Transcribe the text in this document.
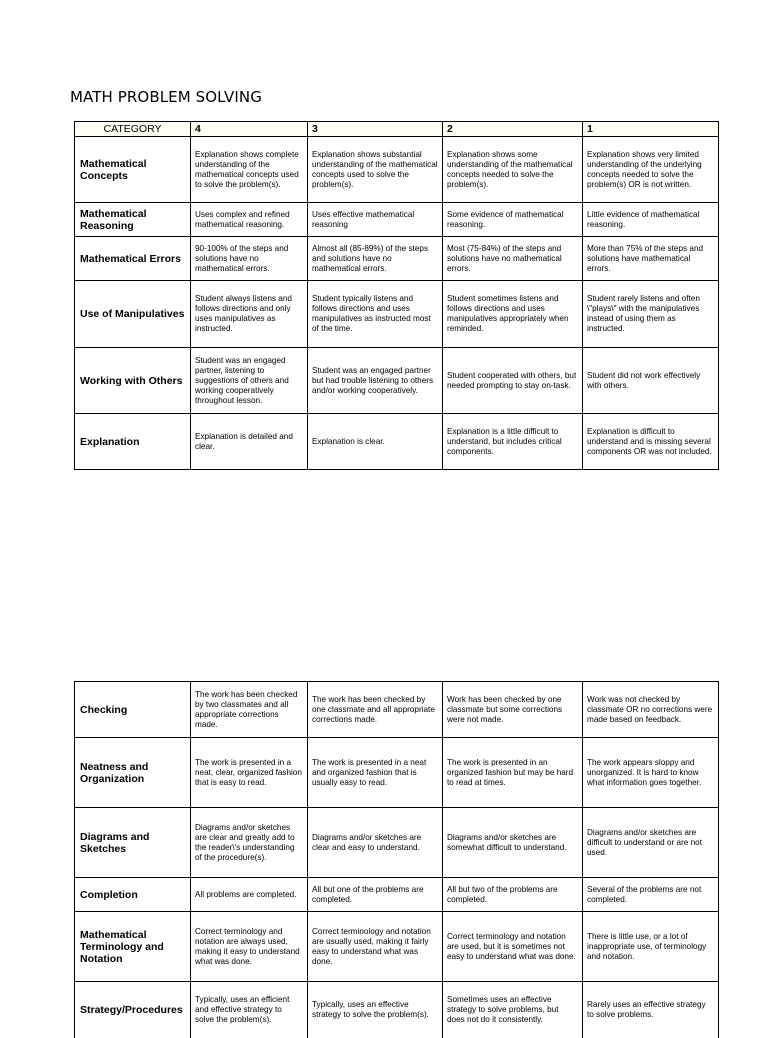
MATH PROBLEM SOLVING
CATEGORY	4	3	2	1
Mathematical Concepts	Explanation shows complete understanding of the mathematical concepts used to solve the problem(s).	Explanation shows substantial understanding of the mathematical concepts used to solve the problem(s).	Explanation shows some understanding of the mathematical concepts needed to solve the problem(s).	Explanation shows very limited understanding of the underlying concepts needed to solve the problem(s) OR is not written.
Mathematical Reasoning	Uses complex and refined mathematical reasoning.	Uses effective mathematical reasoning	Some evidence of mathematical reasoning.	Little evidence of mathematical reasoning.
Mathematical Errors	90-100% of the steps and solutions have no mathematical errors.	Almost all (85-89%) of the steps and solutions have no mathematical errors.	Most (75-84%) of the steps and solutions have no mathematical errors.	More than 75% of the steps and solutions have mathematical errors.
Use of Manipulatives	Student always listens and follows directions and only uses manipulatives as instructed.	Student typically listens and follows directions and uses manipulatives as instructed most of the time.	Student sometimes listens and follows directions and uses manipulatives appropriately when reminded.	Student rarely listens and often \"plays\" with the manipulatives instead of using them as instructed.
Working with Others	Student was an engaged partner, listening to suggestions of others and working cooperatively throughout lesson.	Student was an engaged partner but had trouble listening to others and/or working cooperatively.	Student cooperated with others, but needed prompting to stay on-task.	Student did not work effectively with others.
Explanation	Explanation is detailed and clear.	Explanation is clear.	Explanation is a little difficult to understand, but includes critical components.	Explanation is difficult to understand and is missing several components OR was not included.
Checking	The work has been checked by two classmates and all appropriate corrections made.	The work has been checked by one classmate and all appropriate corrections made.	Work has been checked by one classmate but some corrections were not made.	Work was not checked by classmate OR no corrections were made based on feedback.
Neatness and Organization	The work is presented in a neat, clear, organized fashion that is easy to read.	The work is presented in a neat and organized fashion that is usually easy to read.	The work is presented in an organized fashion but may be hard to read at times.	The work appears sloppy and unorganized. It is hard to know what information goes together.
Diagrams and Sketches	Diagrams and/or sketches are clear and greatly add to the reader\'s understanding of the procedure(s).	Diagrams and/or sketches are clear and easy to understand.	Diagrams and/or sketches are somewhat difficult to understand.	Diagrams and/or sketches are difficult to understand or are not used.
Completion	All problems are completed.	All but one of the problems are completed.	All but two of the problems are completed.	Several of the problems are not completed.
Mathematical Terminology and Notation	Correct terminology and notation are always used, making it easy to understand what was done.	Correct terminology and notation are usually used, making it fairly easy to understand what was done.	Correct terminology and notation are used, but it is sometimes not easy to understand what was done.	There is little use, or a lot of inappropriate use, of terminology and notation.
Strategy/Procedures	Typically, uses an efficient and effective strategy to solve the problem(s).	Typically, uses an effective strategy to solve the problem(s).	Sometimes uses an effective strategy to solve problems, but does not do it consistently.	Rarely uses an effective strategy to solve problems.
